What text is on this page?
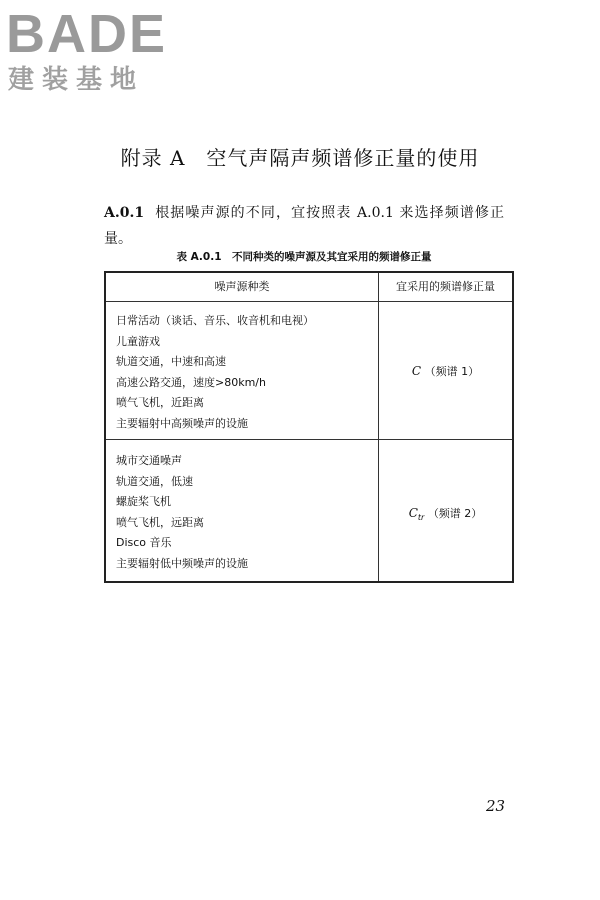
BADE
建装基地
附录 A　空气声隔声频谱修正量的使用
A.0.1 根据噪声源的不同，宜按照表 A.0.1 来选择频谱修正量。
表 A.0.1　不同种类的噪声源及其宜采用的频谱修正量
噪声源种类	宜采用的频谱修正量
日常活动（谈话、音乐、收音机和电视）
儿童游戏
轨道交通，中速和高速
高速公路交通，速度>80km/h
喷气飞机，近距离
主要辐射中高频噪声的设施
C （频谱 1）
城市交通噪声
轨道交通，低速
螺旋桨飞机
喷气飞机，远距离
Disco 音乐
主要辐射低中频噪声的设施
$C_{tr}$ （频谱 2）
23
